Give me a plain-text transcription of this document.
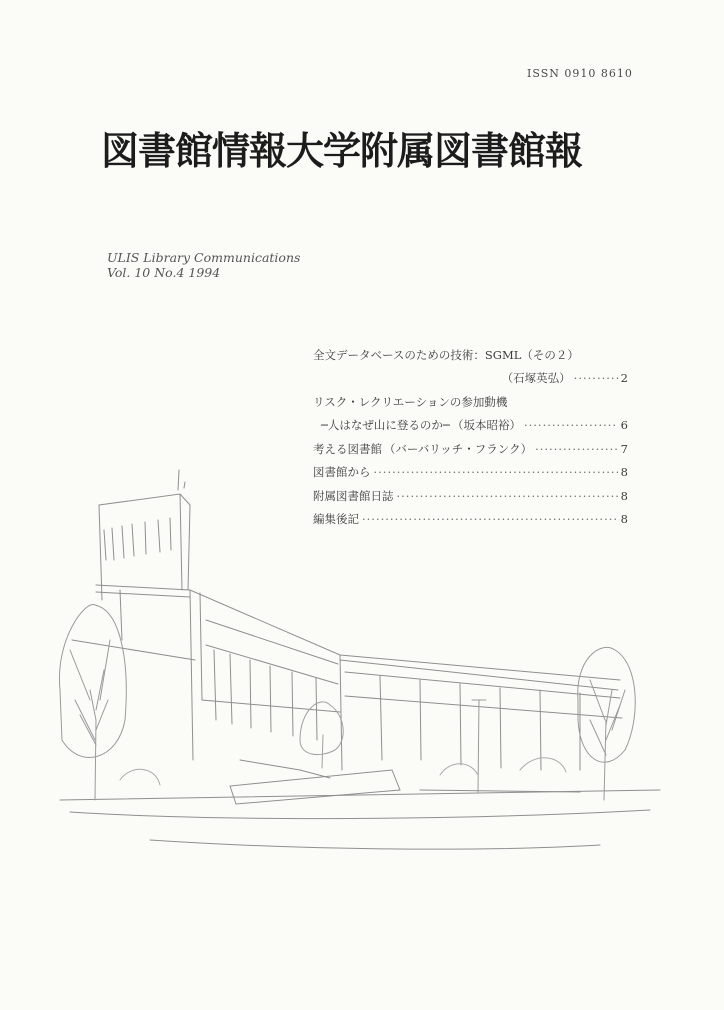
ISSN 0910 8610
図書館情報大学附属図書館報
ULIS Library Communications
Vol. 10 No.4 1994
全文データベースのための技術：SGML（その２）
（石塚英弘） ·····	2
リスク・レクリエーションの参加動機
─人はなぜ山に登るのか─ （坂本昭裕） ·····	6
考える図書館 （バーバリッチ・フランク） ·····	7
図書館から ·····	8
附属図書館日誌 ·····	8
編集後記 ·····	8
